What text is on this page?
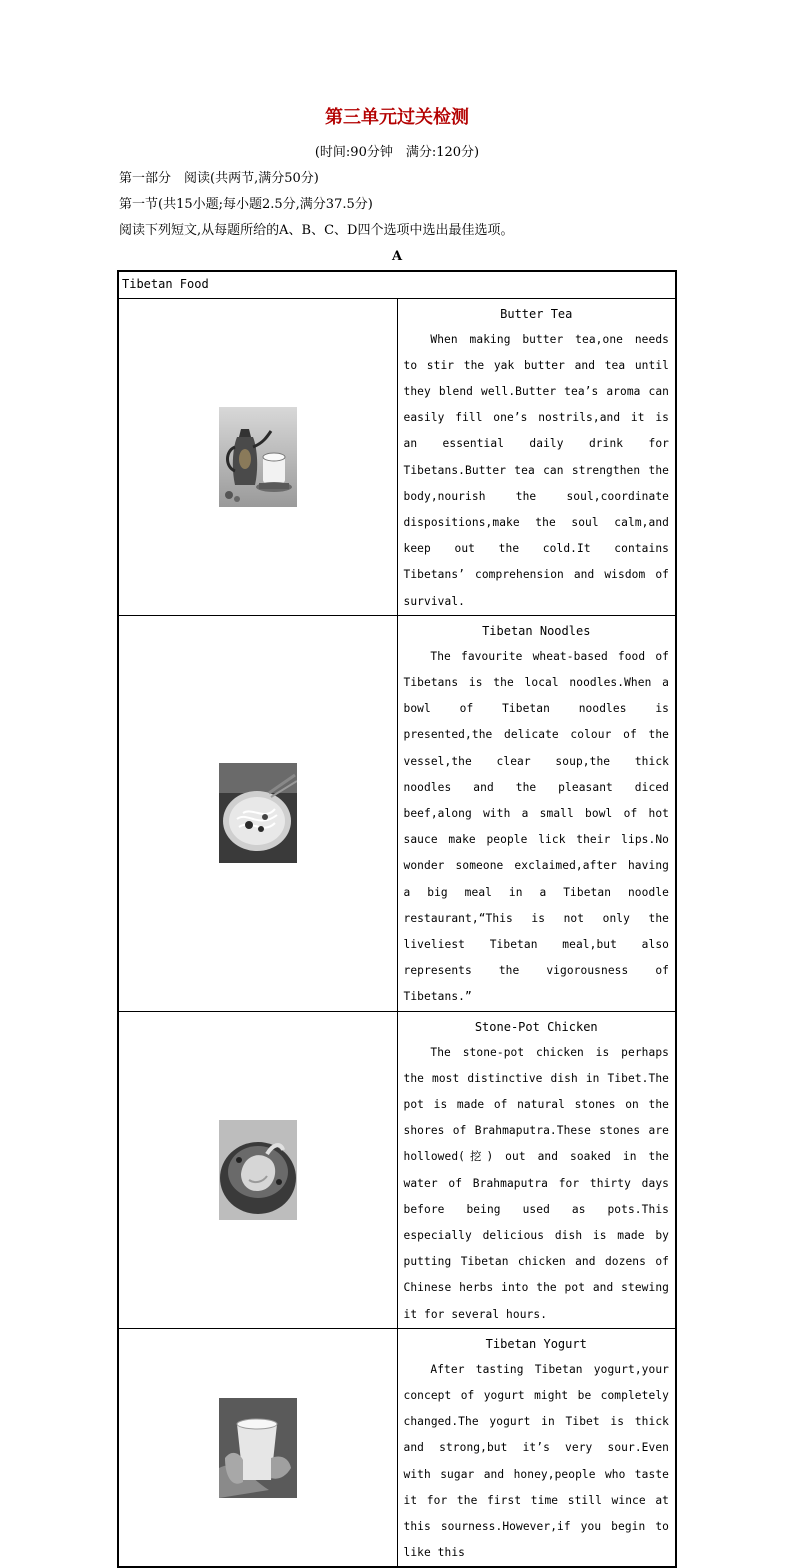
第三单元过关检测
(时间:90分钟　满分:120分)
第一部分　阅读(共两节,满分50分)
第一节(共15小题;每小题2.5分,满分37.5分)
阅读下列短文,从每题所给的A、B、C、D四个选项中选出最佳选项。
A
Tibetan Food	

Butter Tea
When making butter tea,one needs to stir the yak butter and tea until they blend well.Butter tea’s aroma can easily fill one’s nostrils,and it is an essential daily drink for Tibetans.Butter tea can strengthen the body,nourish the soul,coordinate dispositions,make the soul calm,and keep out the cold.It contains Tibetans’ comprehension and wisdom of survival.

Tibetan Noodles
The favourite wheat-based food of Tibetans is the local noodles.When a bowl of Tibetan noodles is presented,the delicate colour of the vessel,the clear soup,the thick noodles and the pleasant diced beef,along with a small bowl of hot sauce make people lick their lips.No wonder someone exclaimed,after having a big meal in a Tibetan noodle restaurant,“This is not only the liveliest Tibetan meal,but also represents the vigorousness of Tibetans.”

Stone-Pot Chicken
The stone-pot chicken is perhaps the most distinctive dish in Tibet.The pot is made of natural stones on the shores of Brahmaputra.These stones are hollowed(挖) out and soaked in the water of Brahmaputra for thirty days before being used as pots.This especially delicious dish is made by putting Tibetan chicken and dozens of Chinese herbs into the pot and stewing it for several hours.

Tibetan Yogurt
After tasting Tibetan yogurt,your concept of yogurt might be completely changed.The yogurt in Tibet is thick and strong,but it’s very sour.Even with sugar and honey,people who taste it for the first time still wince at this sourness.However,if you begin to like this
